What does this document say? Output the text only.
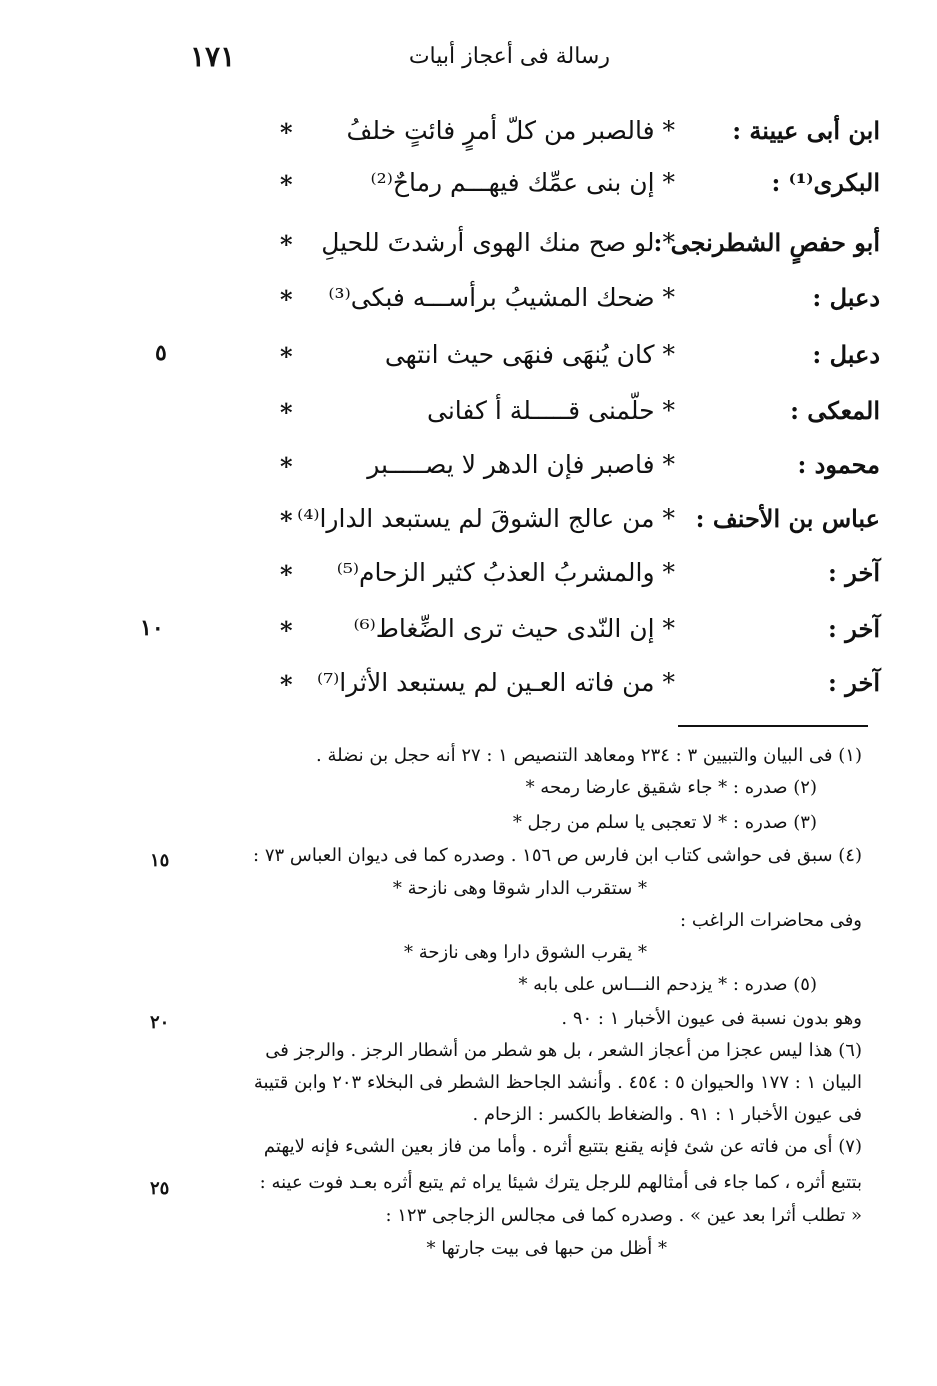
١٧١	رسالة فى أعجاز أبيات
ابن أبى عيينة :
* فالصبر من كلّ أمرٍ فائتٍ خلفُ
*
البكرى⁽¹⁾ :
* إن بنى عمِّك فيهـــم رماحٌ⁽²⁾
*
أبو حفصٍ الشطرنجى :
* لو صح منك الهوى أرشدتَ للحيلِ
*
دعبل :
* ضحك المشيبُ برأســـه فبكى⁽³⁾
*
دعبل :
* كان يُنهَى فنهَى حيث انتهى
*
المعكى :
* حلّمنى قـــــلة أ كفانى
*
محمود :
* فاصبر فإن الدهر لا يصـــــبر
*
عباس بن الأحنف :
* من عالج الشوقَ لم يستبعد الدارا⁽⁴⁾
*
آخر :
* والمشربُ العذبُ كثير الزحام⁽⁵⁾
*
آخر :
* إن النّدى حيث ترى الضِّغاط⁽⁶⁾
*
آخر :
* من فاته العـين لم يستبعد الأثرا⁽⁷⁾
*
٥
١٠
(١) فى البيان والتبيين ٣ : ٢٣٤ ومعاهد التنصيص ١ : ٢٧ أنه حجل بن نضلة .
(٢) صدره : * جاء شقيق عارضا رمحه *
(٣) صدره : * لا تعجبى يا سلم من رجل *
(٤) سبق فى حواشى كتاب ابن فارس ص ١٥٦ . وصدره كما فى ديوان العباس ٧٣ :
* ستقرب الدار شوقا وهى نازحة *
وفى محاضرات الراغب :
* يقرب الشوق دارا وهى نازحة *
(٥) صدره : * يزدحم النـــاس على بابه *
وهو بدون نسبة فى عيون الأخبار ١ : ٩٠ .
(٦) هذا ليس عجزا من أعجاز الشعر ، بل هو شطر من أشطار الرجز . والرجز فى
البيان ١ : ١٧٧ والحيوان ٥ : ٤٥٤ . وأنشد الجاحظ الشطر فى البخلاء ٢٠٣ وابن قتيبة
فى عيون الأخبار ١ : ٩١ . والضغاط بالكسر : الزحام .
(٧) أى من فاته عن شئ فإنه يقنع بتتبع أثره . وأما من فاز بعين الشىء فإنه لايهتم
بتتبع أثره ، كما جاء فى أمثالهم للرجل يترك شيئا يراه ثم يتبع أثره بعـد فوت عينه :
« تطلب أثرا بعد عين » . وصدره كما فى مجالس الزجاجى ١٢٣ :
* أظل من حبها فى بيت جارتها *
١٥
٢٠
٢٥
